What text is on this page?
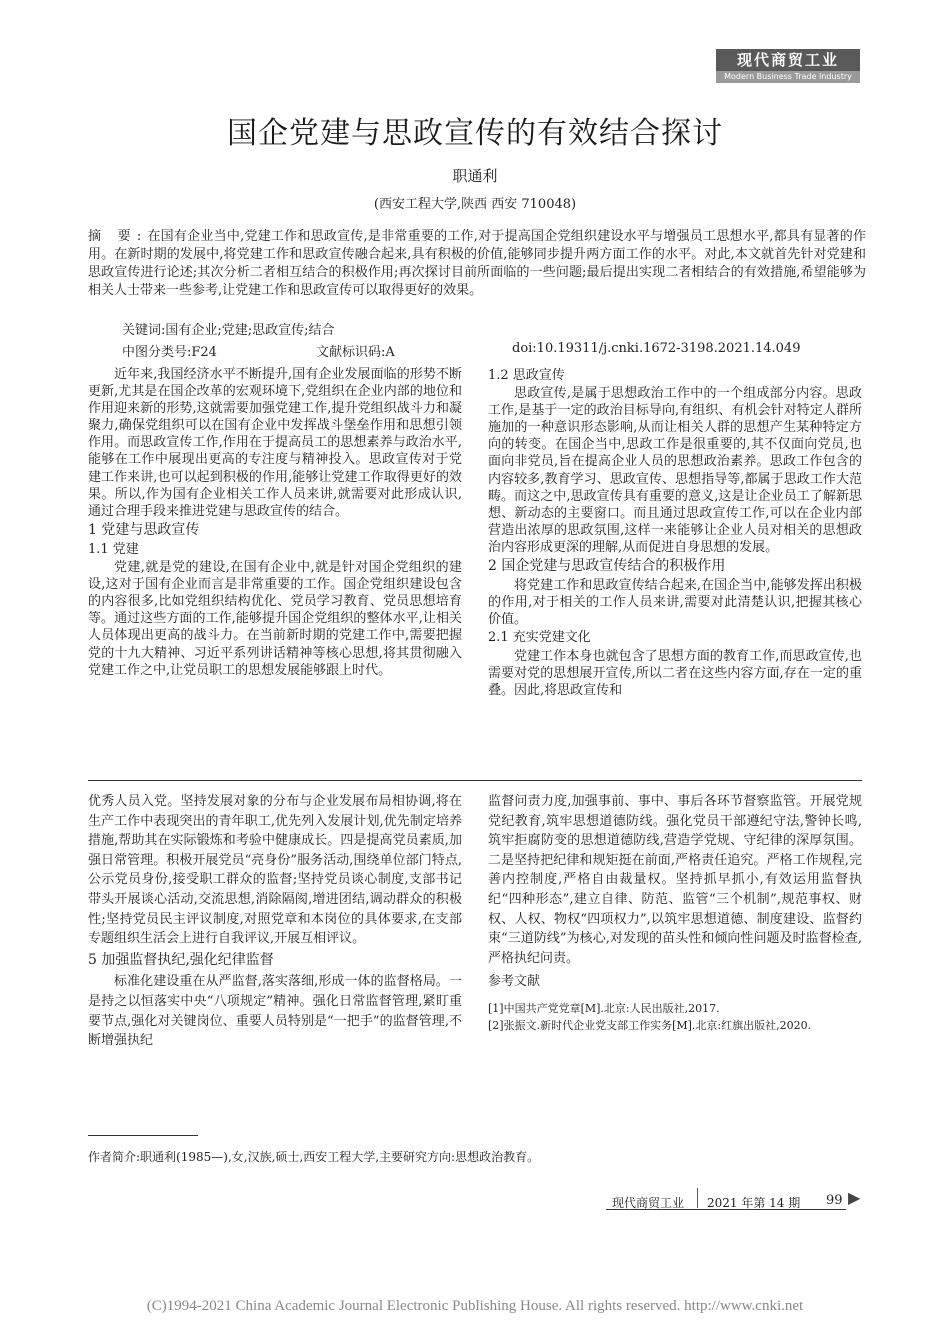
现代商贸工业
Modern Business Trade Industry
国企党建与思政宣传的有效结合探讨
职通利
(西安工程大学,陕西 西安 710048)
摘 要:在国有企业当中,党建工作和思政宣传,是非常重要的工作,对于提高国企党组织建设水平与增强员工思想水平,都具有显著的作用。在新时期的发展中,将党建工作和思政宣传融合起来,具有积极的价值,能够同步提升两方面工作的水平。对此,本文就首先针对党建和思政宣传进行论述;其次分析二者相互结合的积极作用;再次探讨目前所面临的一些问题;最后提出实现二者相结合的有效措施,希望能够为相关人士带来一些参考,让党建工作和思政宣传可以取得更好的效果。
关键词:国有企业;党建;思政宣传;结合
中图分类号:F24	文献标识码:A	doi:10.19311/j.cnki.1672-3198.2021.14.049

近年来,我国经济水平不断提升,国有企业发展面临的形势不断更新,尤其是在国企改革的宏观环境下,党组织在企业内部的地位和作用迎来新的形势,这就需要加强党建工作,提升党组织战斗力和凝聚力,确保党组织可以在国有企业中发挥战斗堡垒作用和思想引领作用。而思政宣传工作,作用在于提高员工的思想素养与政治水平,能够在工作中展现出更高的专注度与精神投入。思政宣传对于党建工作来讲,也可以起到积极的作用,能够让党建工作取得更好的效果。所以,作为国有企业相关工作人员来讲,就需要对此形成认识,通过合理手段来推进党建与思政宣传的结合。

1 党建与思政宣传

1.1 党建

党建,就是党的建设,在国有企业中,就是针对国企党组织的建设,这对于国有企业而言是非常重要的工作。国企党组织建设包含的内容很多,比如党组织结构优化、党员学习教育、党员思想培育等。通过这些方面的工作,能够提升国企党组织的整体水平,让相关人员体现出更高的战斗力。在当前新时期的党建工作中,需要把握党的十九大精神、习近平系列讲话精神等核心思想,将其贯彻融入党建工作之中,让党员职工的思想发展能够跟上时代。

1.2 思政宣传

思政宣传,是属于思想政治工作中的一个组成部分内容。思政工作,是基于一定的政治目标导向,有组织、有机会针对特定人群所施加的一种意识形态影响,从而让相关人群的思想产生某种特定方向的转变。在国企当中,思政工作是很重要的,其不仅面向党员,也面向非党员,旨在提高企业人员的思想政治素养。思政工作包含的内容较多,教育学习、思政宣传、思想指导等,都属于思政工作大范畴。而这之中,思政宣传具有重要的意义,这是让企业员工了解新思想、新动态的主要窗口。而且通过思政宣传工作,可以在企业内部营造出浓厚的思政氛围,这样一来能够让企业人员对相关的思想政治内容形成更深的理解,从而促进自身思想的发展。

2 国企党建与思政宣传结合的积极作用

将党建工作和思政宣传结合起来,在国企当中,能够发挥出积极的作用,对于相关的工作人员来讲,需要对此清楚认识,把握其核心价值。

2.1 充实党建文化

党建工作本身也就包含了思想方面的教育工作,而思政宣传,也需要对党的思想展开宣传,所以二者在这些内容方面,存在一定的重叠。因此,将思政宣传和

优秀人员入党。坚持发展对象的分布与企业发展布局相协调,将在生产工作中表现突出的青年职工,优先列入发展计划,优先制定培养措施,帮助其在实际锻炼和考验中健康成长。四是提高党员素质,加强日常管理。积极开展党员“亮身份”服务活动,围绕单位部门特点,公示党员身份,接受职工群众的监督;坚持党员谈心制度,支部书记带头开展谈心活动,交流思想,消除隔阂,增进团结,调动群众的积极性;坚持党员民主评议制度,对照党章和本岗位的具体要求,在支部专题组织生活会上进行自我评议,开展互相评议。

5 加强监督执纪,强化纪律监督

标准化建设重在从严监督,落实落细,形成一体的监督格局。一是持之以恒落实中央“八项规定”精神。强化日常监督管理,紧盯重要节点,强化对关键岗位、重要人员特别是“一把手”的监督管理,不断增强执纪

监督问责力度,加强事前、事中、事后各环节督察监管。开展党规党纪教育,筑牢思想道德防线。强化党员干部遵纪守法,警钟长鸣,筑牢拒腐防变的思想道德防线,营造学党规、守纪律的深厚氛围。二是坚持把纪律和规矩挺在前面,严格责任追究。严格工作规程,完善内控制度,严格自由裁量权。坚持抓早抓小,有效运用监督执纪“四种形态”,建立自律、防范、监管“三个机制”,规范事权、财权、人权、物权“四项权力”,以筑牢思想道德、制度建设、监督约束“三道防线”为核心,对发现的苗头性和倾向性问题及时监督检查,严格执纪问责。

参考文献

[1]中国共产党党章[M].北京:人民出版社,2017.

[2]张振文.新时代企业党支部工作实务[M].北京:红旗出版社,2020.

作者简介:职通利(1985—),女,汉族,硕士,西安工程大学,主要研究方向:思想政治教育。
现代商贸工业 2021 年第 14 期 99 ▶
(C)1994-2021 China Academic Journal Electronic Publishing House. All rights reserved. http://www.cnki.net
